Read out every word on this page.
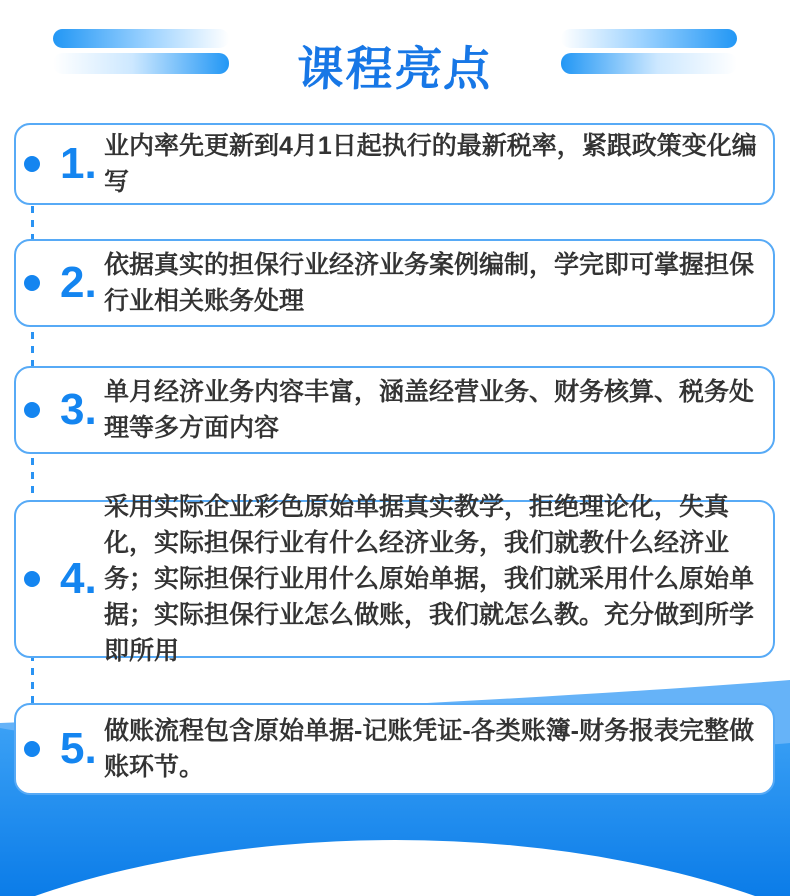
课程亮点
1. 业内率先更新到4月1日起执行的最新税率，紧跟政策变化编写
2. 依据真实的担保行业经济业务案例编制，学完即可掌握担保行业相关账务处理
3. 单月经济业务内容丰富，涵盖经营业务、财务核算、税务处理等多方面内容
4.
采用实际企业彩色原始单据真实教学，拒绝理论化，失真化，实际担保行业有什么经济业务，我们就教什么经济业务；实际担保行业用什么原始单据，我们就采用什么原始单据；实际担保行业怎么做账，我们就怎么教。充分做到所学即所用
5. 做账流程包含原始单据-记账凭证-各类账簿-财务报表完整做账环节。
